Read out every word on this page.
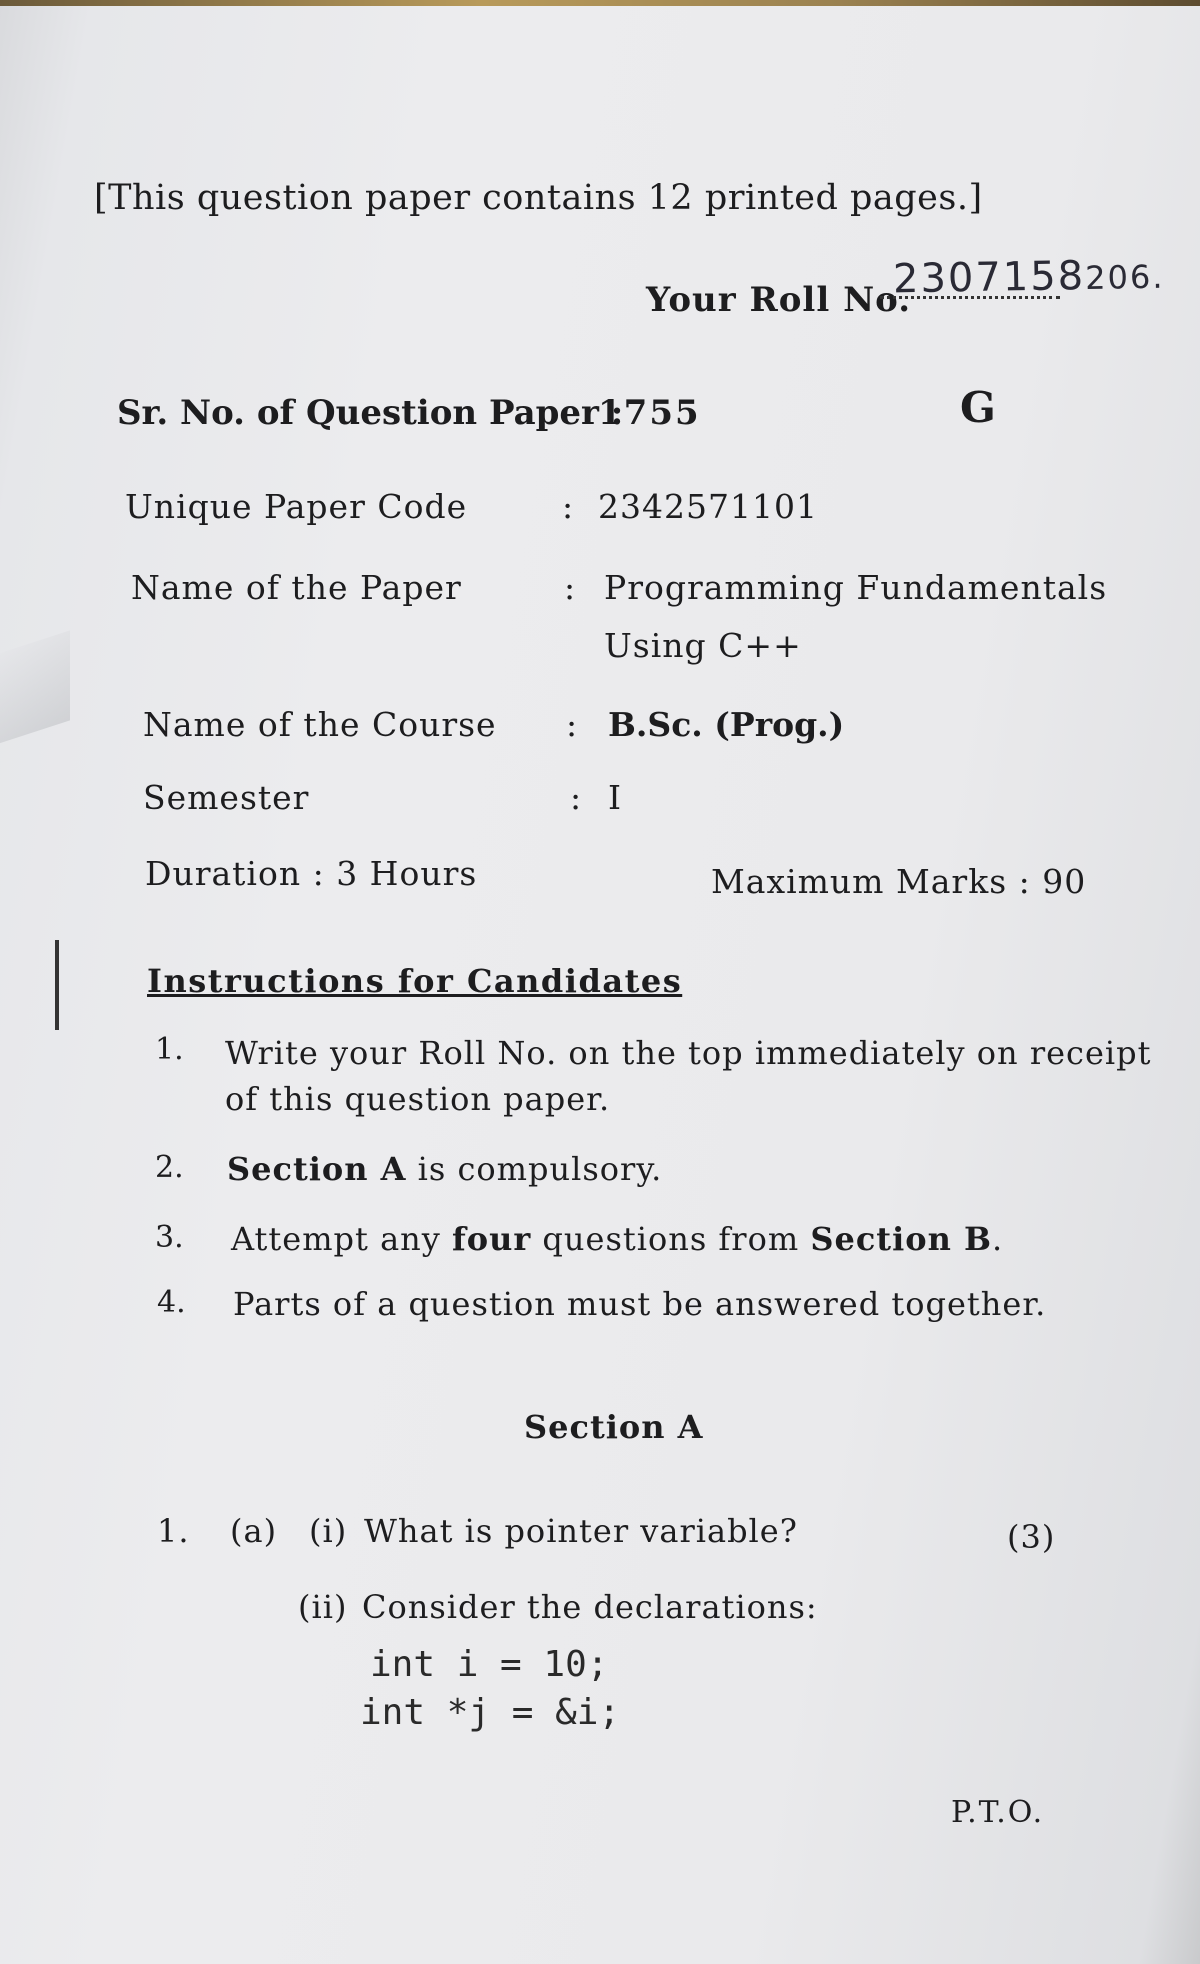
[This question paper contains 12 printed pages.]
Your Roll No.
2307158206.
Sr. No. of Question Paper :
1755	G
Unique Paper Code	: 2342571101
Name of the Paper	: Programming Fundamentals
Using C++
Name of the Course : B.Sc. (Prog.)
Semester	: I
Duration : 3 Hours	Maximum Marks : 90
Instructions for Candidates
1. Write your Roll No. on the top immediately on receipt
of this question paper.
2. Section A is compulsory.
3. Attempt any four questions from Section B.
4. Parts of a question must be answered together.
Section A
1. (a) (i) What is pointer variable?	(3)
(ii) Consider the declarations:
int i = 10;
int *j = &i;
P.T.O.
